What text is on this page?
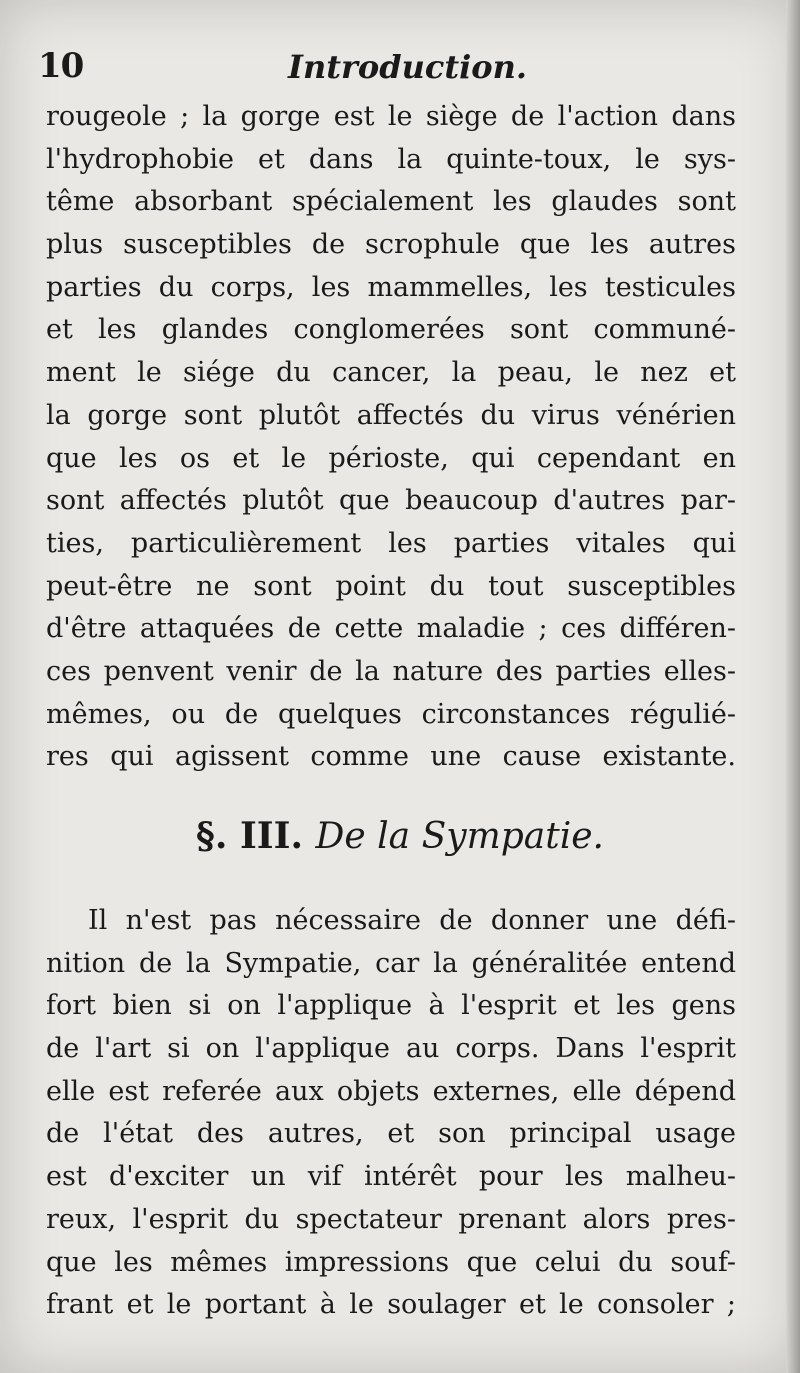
10	Introduction.
rougeole ; la gorge est le siège de l'action dans
l'hydrophobie et dans la quinte-toux, le sys-
tême absorbant spécialement les glaudes sont
plus susceptibles de scrophule que les autres
parties du corps, les mammelles, les testicules
et les glandes conglomerées sont communé-
ment le siége du cancer, la peau, le nez et
la gorge sont plutôt affectés du virus vénérien
que les os et le périoste, qui cependant en
sont affectés plutôt que beaucoup d'autres par-
ties, particulièrement les parties vitales qui
peut-être ne sont point du tout susceptibles
d'être attaquées de cette maladie ; ces différen-
ces penvent venir de la nature des parties elles-
mêmes, ou de quelques circonstances régulié-
res qui agissent comme une cause existante.
§. III. De la Sympatie.
Il n'est pas nécessaire de donner une défi-
nition de la Sympatie, car la généralitée entend
fort bien si on l'applique à l'esprit et les gens
de l'art si on l'applique au corps. Dans l'esprit
elle est referée aux objets externes, elle dépend
de l'état des autres, et son principal usage
est d'exciter un vif intérêt pour les malheu-
reux, l'esprit du spectateur prenant alors pres-
que les mêmes impressions que celui du souf-
frant et le portant à le soulager et le consoler ;
